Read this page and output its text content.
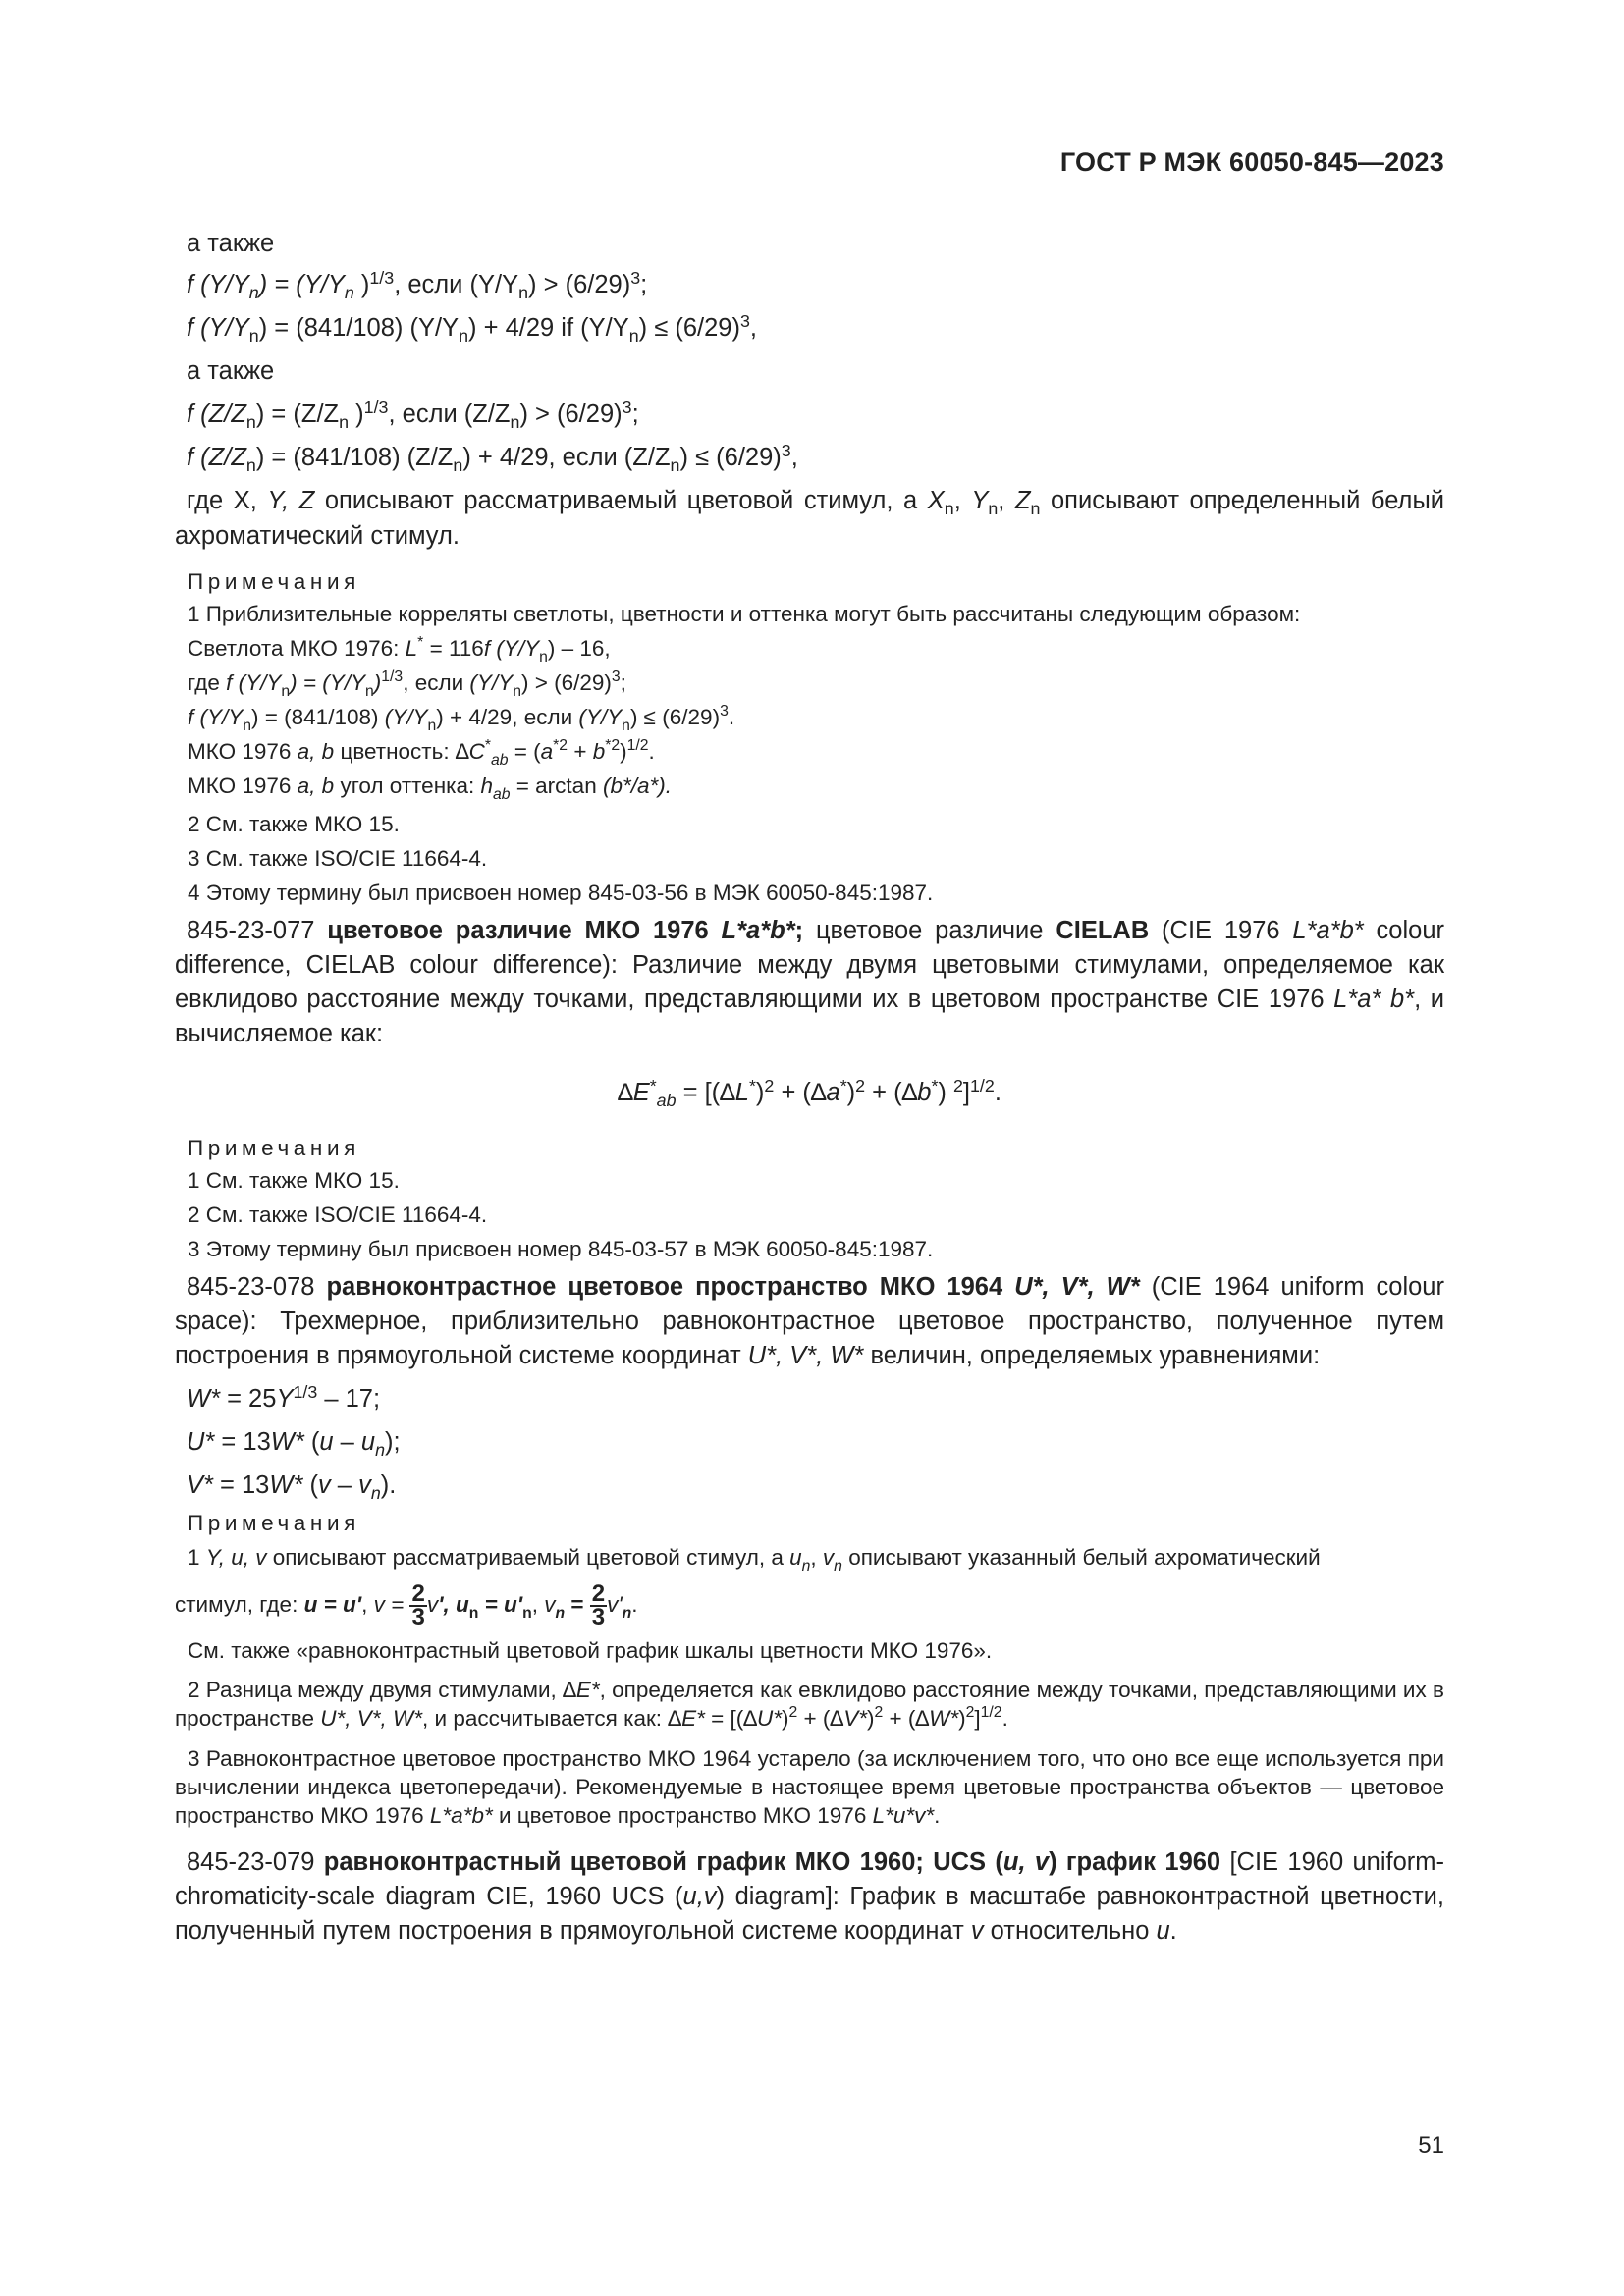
ГОСТ Р МЭК 60050-845—2023

а также

f $(Y/Y_n) = (Y/Y_n$ )$^{1/3}$, если $(Y/Y_n) > (6/29)^3$;

f $(Y/Y_n) = (841/108) (Y/Y_n) + 4/29$ if $(Y/Y_n) \le (6/29)^3$,

а также

f $(Z/Z_n) = (Z/Z_n$ )$^{1/3}$, если $(Z/Z_n) > (6/29)^3$;

f $(Z/Z_n) = (841/108) (Z/Z_n) + 4/29$, если $(Z/Z_n) \le (6/29)^3$,

где X, Y, Z описывают рассматриваемый цветовой стимул, а $X_n$, $Y_n$, $Z_n$ описывают определенный белый ахроматический стимул.

Примечания

1 Приблизительные корреляты светлоты, цветности и оттенка могут быть рассчитаны следующим образом:

Светлота МКО 1976: L* = 116f $(Y/Y_n) - 16$,

где f $(Y/Y_n) = (Y/Y_n)^{1/3}$, если $(Y/Y_n) > (6/29)^3$;

f $(Y/Y_n) = (841/108) (Y/Y_n) + 4/29$, если $(Y/Y_n) \le (6/29)^3$.

МКО 1976 a, b цветность: $\Delta C^*_{ab} = (a^{*2} + b^{*2})^{1/2}$.

МКО 1976 a, b угол оттенка: $h_{ab} = \arctan (b*/a*)$.

2 См. также МКО 15.

3 См. также ISO/CIE 11664-4.

4 Этому термину был присвоен номер 845-03-56 в МЭК 60050-845:1987.

845-23-077 цветовое различие МКО 1976 L*a*b*; цветовое различие CIELAB (CIE 1976 L*a*b* colour difference, CIELAB colour difference): Различие между двумя цветовыми стимулами, определяемое как евклидово расстояние между точками, представляющими их в цветовом пространстве CIE 1976 L*a* b*, и вычисляемое как:

$\Delta E^*_{ab} = [(\Delta L^*)^2 + (\Delta a^*)^2 + (\Delta b^*)$ $^2$]$^{1/2}$.

Примечания

1 См. также МКО 15.

2 См. также ISO/CIE 11664-4.

3 Этому термину был присвоен номер 845-03-57 в МЭК 60050-845:1987.

845-23-078 равноконтрастное цветовое пространство МКО 1964 U*, V*, W* (CIE 1964 uniform colour space): Трехмерное, приблизительно равноконтрастное цветовое пространство, полученное путем построения в прямоугольной системе координат U*, V*, W* величин, определяемых уравнениями:

$W* = 25Y^{1/3} - 17$;

U* = 13W* $(u - u_n)$;

V* = 13W* $(v - v_n)$.

Примечания

1 Y, u, v описывают рассматриваемый цветовой стимул, а $u_n$, $v_n$ описывают указанный белый ахроматический

стимул, где: u = u', $v = \frac{2}{3} v'$, $u_n = u'_n$, $v_n = \frac{2}{3} v'_n$.

См. также «равноконтрастный цветовой график шкалы цветности МКО 1976».

2 Разница между двумя стимулами, ∆E*, определяется как евклидово расстояние между точками, представляющими их в пространстве U*, V*, W*, и рассчитывается как: $\Delta E* = [(\Delta U*)^2 + (\Delta V*)^2 + (\Delta W*)^2]^{1/2}$.

3 Равноконтрастное цветовое пространство МКО 1964 устарело (за исключением того, что оно все еще используется при вычислении индекса цветопередачи). Рекомендуемые в настоящее время цветовые пространства объектов — цветовое пространство МКО 1976 L*a*b* и цветовое пространство МКО 1976 L*u*v*.

845-23-079 равноконтрастный цветовой график МКО 1960; UCS (u, v) график 1960 [CIE 1960 uniform-chromaticity-scale diagram CIE, 1960 UCS (u,v) diagram]: График в масштабе равноконтрастной цветности, полученный путем построения в прямоугольной системе координат v относительно u.

51
